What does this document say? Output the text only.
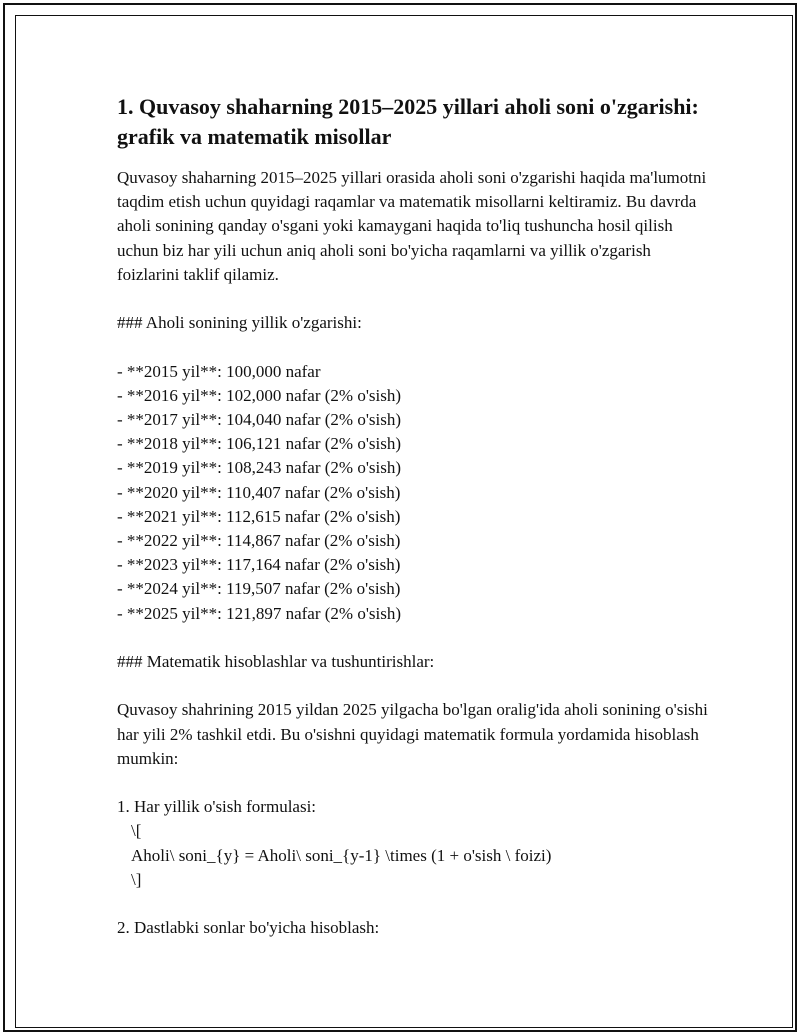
1. Quvasoy shaharning 2015–2025 yillari aholi soni o'zgarishi: grafik va matematik misollar

Quvasoy shaharning 2015–2025 yillari orasida aholi soni o'zgarishi haqida ma'lumotni taqdim etish uchun quyidagi raqamlar va matematik misollarni keltiramiz. Bu davrda aholi sonining qanday o'sgani yoki kamaygani haqida to'liq tushuncha hosil qilish uchun biz har yili uchun aniq aholi soni bo'yicha raqamlarni va yillik o'zgarish foizlarini taklif qilamiz.

### Aholi sonining yillik o'zgarishi:

- **2015 yil**: 100,000 nafar

- **2016 yil**: 102,000 nafar (2% o'sish)

- **2017 yil**: 104,040 nafar (2% o'sish)

- **2018 yil**: 106,121 nafar (2% o'sish)

- **2019 yil**: 108,243 nafar (2% o'sish)

- **2020 yil**: 110,407 nafar (2% o'sish)

- **2021 yil**: 112,615 nafar (2% o'sish)

- **2022 yil**: 114,867 nafar (2% o'sish)

- **2023 yil**: 117,164 nafar (2% o'sish)

- **2024 yil**: 119,507 nafar (2% o'sish)

- **2025 yil**: 121,897 nafar (2% o'sish)

### Matematik hisoblashlar va tushuntirishlar:

Quvasoy shahrining 2015 yildan 2025 yilgacha bo'lgan oralig'ida aholi sonining o'sishi har yili 2% tashkil etdi. Bu o'sishni quyidagi matematik formula yordamida hisoblash mumkin:

1. Har yillik o'sish formulasi:

\[

Aholi\ soni_{y} = Aholi\ soni_{y-1} \times (1 + o'sish \ foizi)

\]

2. Dastlabki sonlar bo'yicha hisoblash:
